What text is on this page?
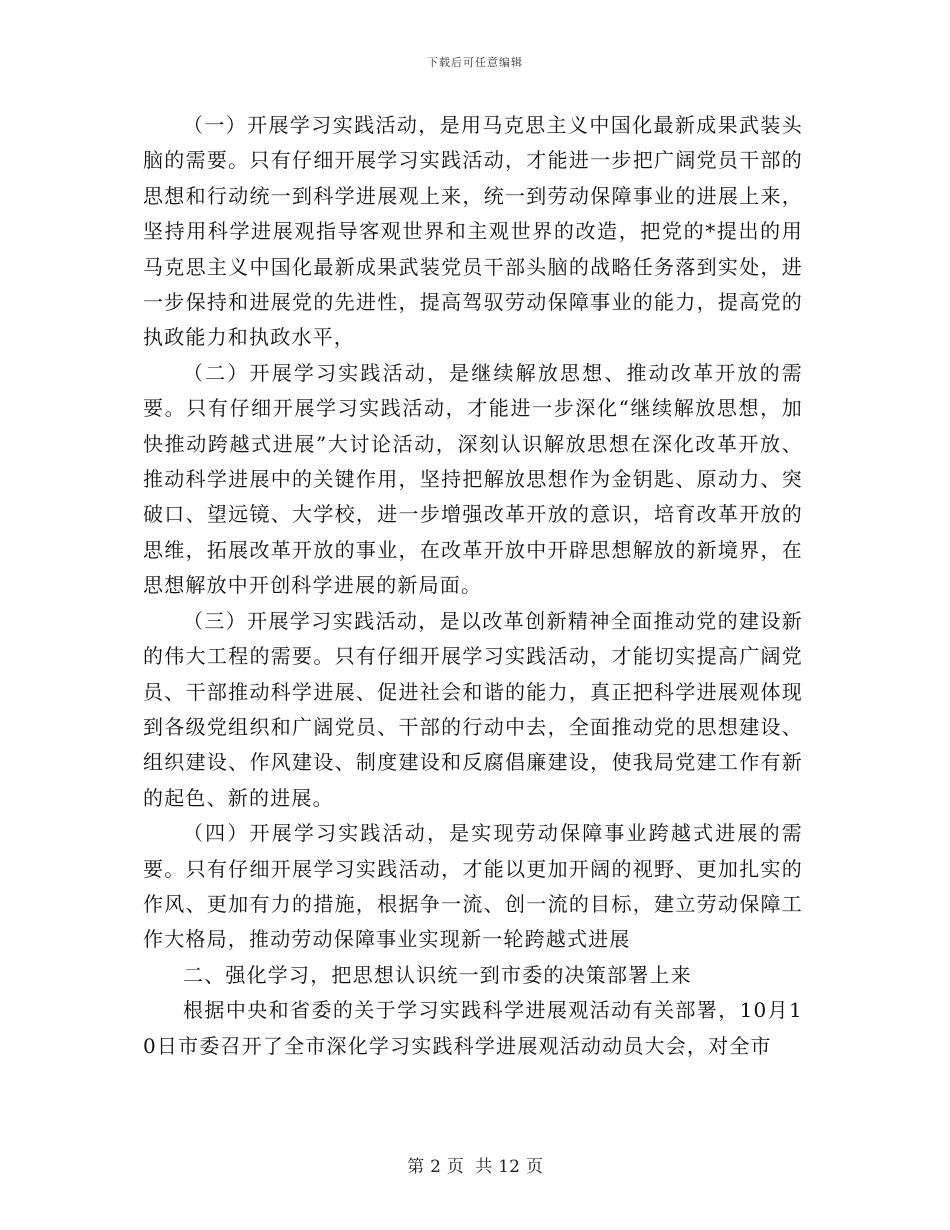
下载后可任意编辑

（一）开展学习实践活动，是用马克思主义中国化最新成果武装头脑的需要。只有仔细开展学习实践活动，才能进一步把广阔党员干部的思想和行动统一到科学进展观上来，统一到劳动保障事业的进展上来，坚持用科学进展观指导客观世界和主观世界的改造，把党的*提出的用马克思主义中国化最新成果武装党员干部头脑的战略任务落到实处，进一步保持和进展党的先进性，提高驾驭劳动保障事业的能力，提高党的执政能力和执政水平，

（二）开展学习实践活动，是继续解放思想、推动改革开放的需要。只有仔细开展学习实践活动，才能进一步深化“继续解放思想，加快推动跨越式进展”大讨论活动，深刻认识解放思想在深化改革开放、推动科学进展中的关键作用，坚持把解放思想作为金钥匙、原动力、突破口、望远镜、大学校，进一步增强改革开放的意识，培育改革开放的思维，拓展改革开放的事业，在改革开放中开辟思想解放的新境界，在思想解放中开创科学进展的新局面。

（三）开展学习实践活动，是以改革创新精神全面推动党的建设新的伟大工程的需要。只有仔细开展学习实践活动，才能切实提高广阔党员、干部推动科学进展、促进社会和谐的能力，真正把科学进展观体现到各级党组织和广阔党员、干部的行动中去，全面推动党的思想建设、组织建设、作风建设、制度建设和反腐倡廉建设，使我局党建工作有新的起色、新的进展。

（四）开展学习实践活动，是实现劳动保障事业跨越式进展的需要。只有仔细开展学习实践活动，才能以更加开阔的视野、更加扎实的作风、更加有力的措施，根据争一流、创一流的目标，建立劳动保障工作大格局，推动劳动保障事业实现新一轮跨越式进展

二、强化学习，把思想认识统一到市委的决策部署上来

根据中央和省委的关于学习实践科学进展观活动有关部署，10月10日市委召开了全市深化学习实践科学进展观活动动员大会，对全市

第 2 页 共 12 页
